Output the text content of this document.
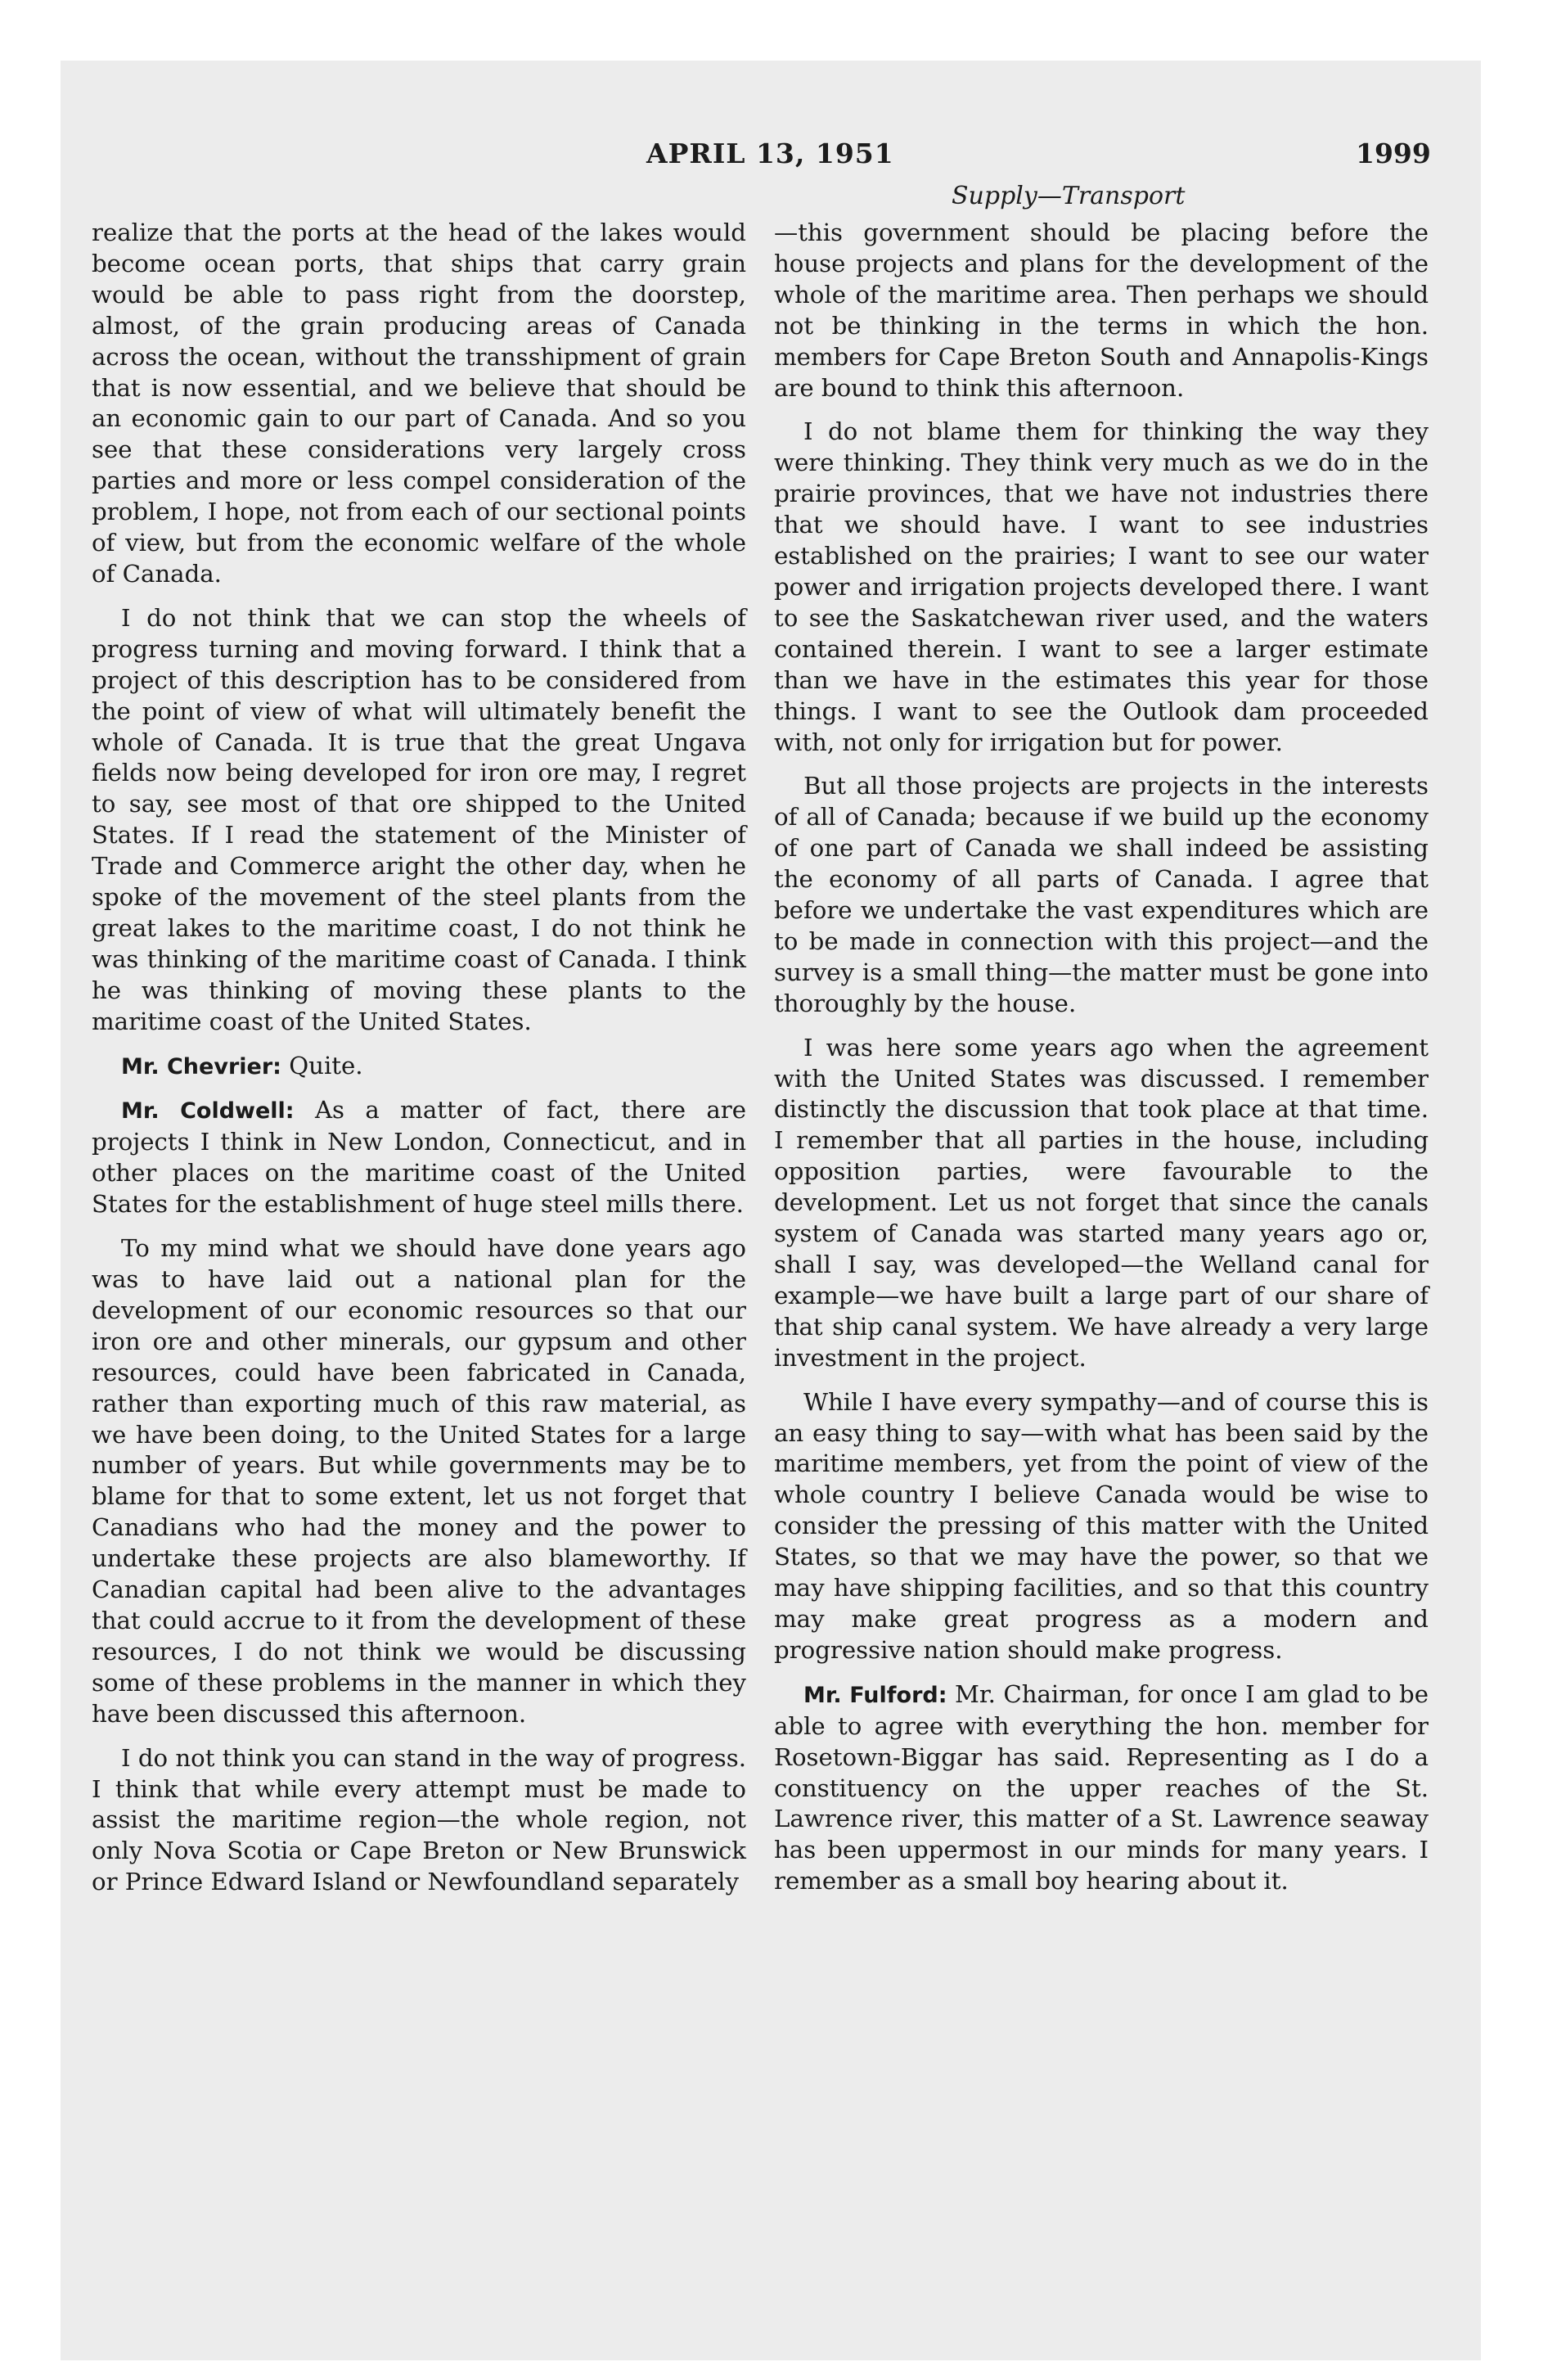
APRIL 13, 1951	1999
Supply—Transport

realize that the ports at the head of the lakes would become ocean ports, that ships that carry grain would be able to pass right from the doorstep, almost, of the grain producing areas of Canada across the ocean, without the transshipment of grain that is now essential, and we believe that should be an economic gain to our part of Canada. And so you see that these considerations very largely cross parties and more or less compel consideration of the problem, I hope, not from each of our sectional points of view, but from the economic welfare of the whole of Canada.

I do not think that we can stop the wheels of progress turning and moving forward. I think that a project of this description has to be considered from the point of view of what will ultimately benefit the whole of Canada. It is true that the great Ungava fields now being developed for iron ore may, I regret to say, see most of that ore shipped to the United States. If I read the statement of the Minister of Trade and Commerce aright the other day, when he spoke of the movement of the steel plants from the great lakes to the maritime coast, I do not think he was thinking of the maritime coast of Canada. I think he was thinking of moving these plants to the maritime coast of the United States.

Mr. Chevrier: Quite.

Mr. Coldwell: As a matter of fact, there are projects I think in New London, Connecticut, and in other places on the maritime coast of the United States for the establishment of huge steel mills there.

To my mind what we should have done years ago was to have laid out a national plan for the development of our economic resources so that our iron ore and other minerals, our gypsum and other resources, could have been fabricated in Canada, rather than exporting much of this raw material, as we have been doing, to the United States for a large number of years. But while governments may be to blame for that to some extent, let us not forget that Canadians who had the money and the power to undertake these projects are also blameworthy. If Canadian capital had been alive to the advantages that could accrue to it from the development of these resources, I do not think we would be discussing some of these problems in the manner in which they have been discussed this afternoon.

I do not think you can stand in the way of progress. I think that while every attempt must be made to assist the maritime region—the whole region, not only Nova Scotia or Cape Breton or New Brunswick or Prince Edward Island or Newfoundland separately

—this government should be placing before the house projects and plans for the development of the whole of the maritime area. Then perhaps we should not be thinking in the terms in which the hon. members for Cape Breton South and Annapolis-Kings are bound to think this afternoon.

I do not blame them for thinking the way they were thinking. They think very much as we do in the prairie provinces, that we have not industries there that we should have. I want to see industries established on the prairies; I want to see our water power and irrigation projects developed there. I want to see the Saskatchewan river used, and the waters contained therein. I want to see a larger estimate than we have in the estimates this year for those things. I want to see the Outlook dam proceeded with, not only for irrigation but for power.

But all those projects are projects in the interests of all of Canada; because if we build up the economy of one part of Canada we shall indeed be assisting the economy of all parts of Canada. I agree that before we undertake the vast expenditures which are to be made in connection with this project—and the survey is a small thing—the matter must be gone into thoroughly by the house.

I was here some years ago when the agreement with the United States was discussed. I remember distinctly the discussion that took place at that time. I remember that all parties in the house, including opposition parties, were favourable to the development. Let us not forget that since the canals system of Canada was started many years ago or, shall I say, was developed—the Welland canal for example—we have built a large part of our share of that ship canal system. We have already a very large investment in the project.

While I have every sympathy—and of course this is an easy thing to say—with what has been said by the maritime members, yet from the point of view of the whole country I believe Canada would be wise to consider the pressing of this matter with the United States, so that we may have the power, so that we may have shipping facilities, and so that this country may make great progress as a modern and progressive nation should make progress.

Mr. Fulford: Mr. Chairman, for once I am glad to be able to agree with everything the hon. member for Rosetown-Biggar has said. Representing as I do a constituency on the upper reaches of the St. Lawrence river, this matter of a St. Lawrence seaway has been uppermost in our minds for many years. I remember as a small boy hearing about it.
